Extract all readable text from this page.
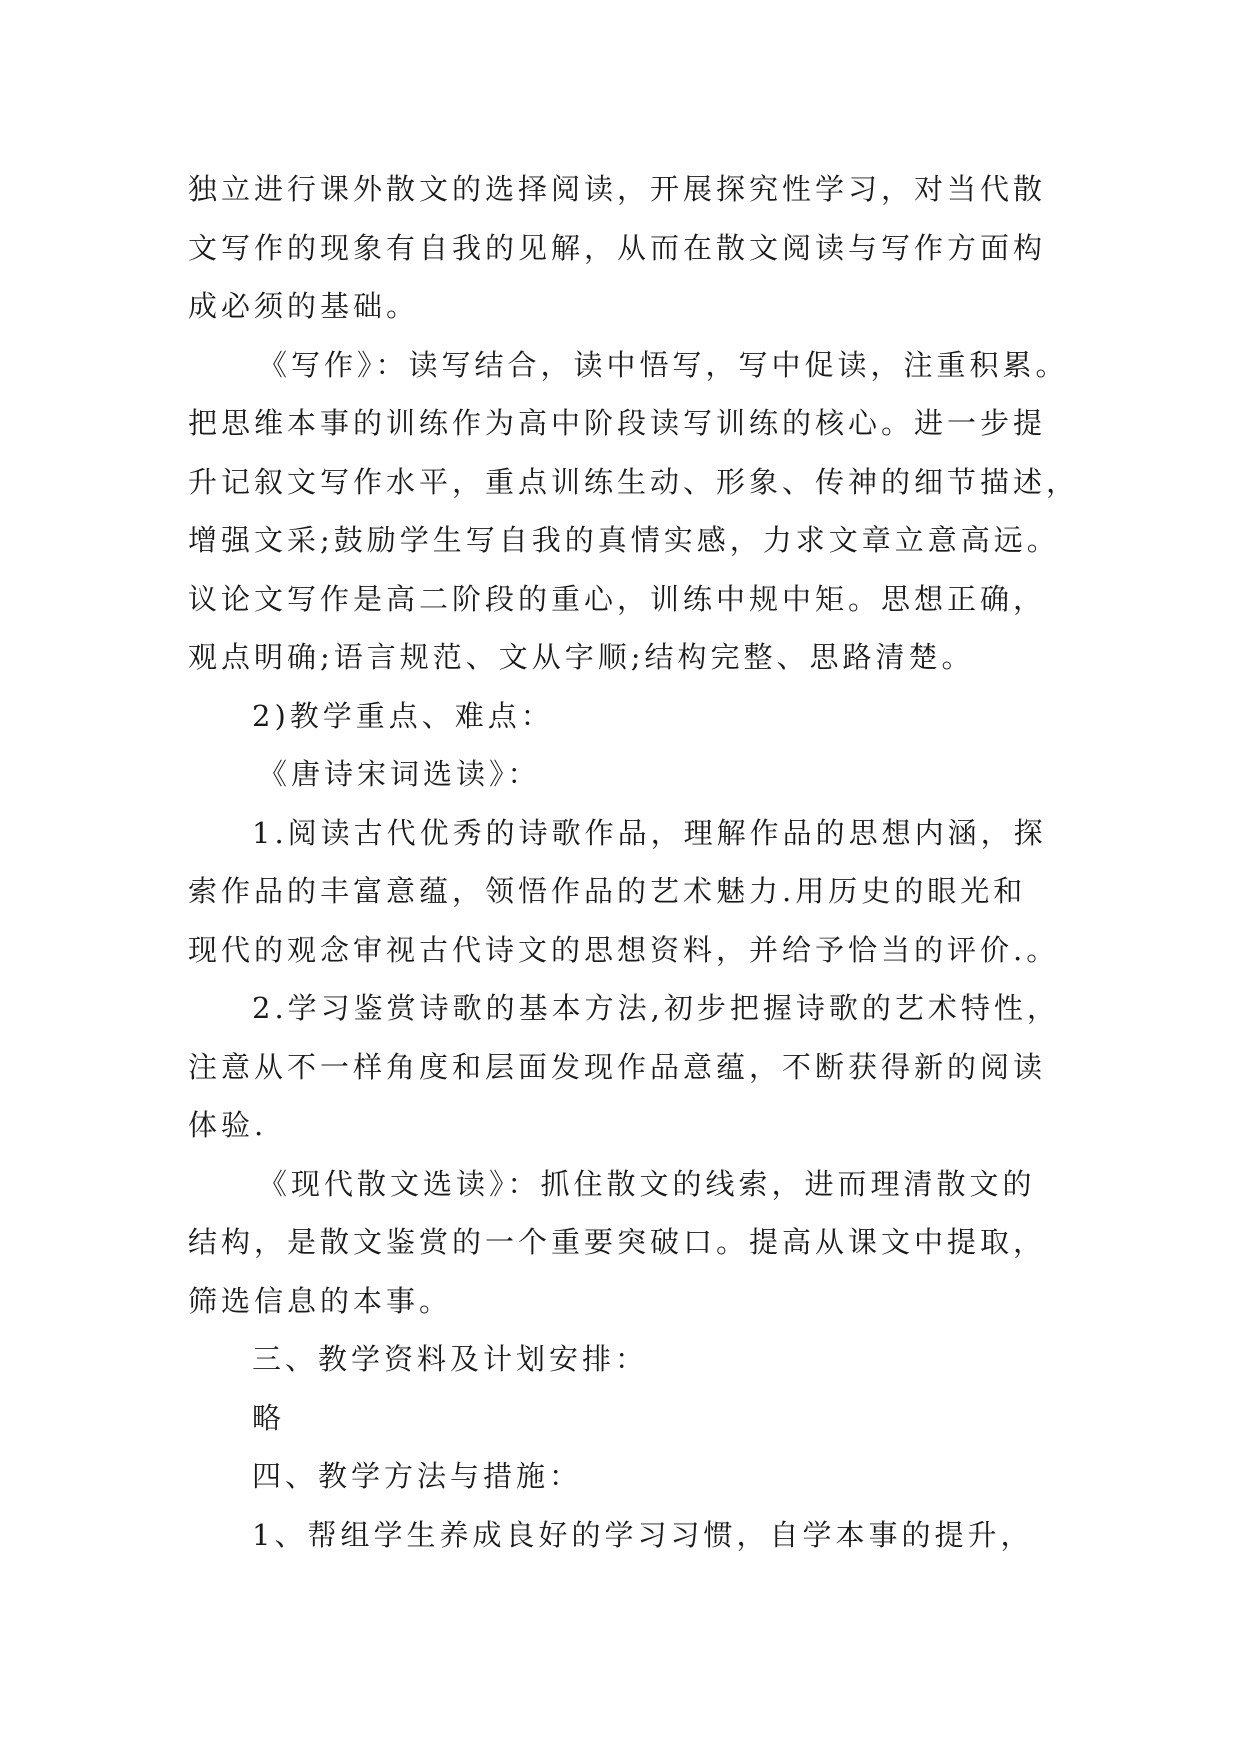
独立进行课外散文的选择阅读，开展探究性学习，对当代散
文写作的现象有自我的见解，从而在散文阅读与写作方面构
成必须的基础。
《写作》：读写结合，读中悟写，写中促读，注重积累。
把思维本事的训练作为高中阶段读写训练的核心。进一步提
升记叙文写作水平，重点训练生动、形象、传神的细节描述，
增强文采;鼓励学生写自我的真情实感，力求文章立意高远。
议论文写作是高二阶段的重心，训练中规中矩。思想正确，
观点明确;语言规范、文从字顺;结构完整、思路清楚。
2)教学重点、难点：
《唐诗宋词选读》：
1.阅读古代优秀的诗歌作品，理解作品的思想内涵，探
索作品的丰富意蕴，领悟作品的艺术魅力.用历史的眼光和
现代的观念审视古代诗文的思想资料，并给予恰当的评价.。
2.学习鉴赏诗歌的基本方法,初步把握诗歌的艺术特性，
注意从不一样角度和层面发现作品意蕴，不断获得新的阅读
体验.
《现代散文选读》：抓住散文的线索，进而理清散文的
结构，是散文鉴赏的一个重要突破口。提高从课文中提取，
筛选信息的本事。
三、教学资料及计划安排：
略
四、教学方法与措施：
1、帮组学生养成良好的学习习惯，自学本事的提升，
